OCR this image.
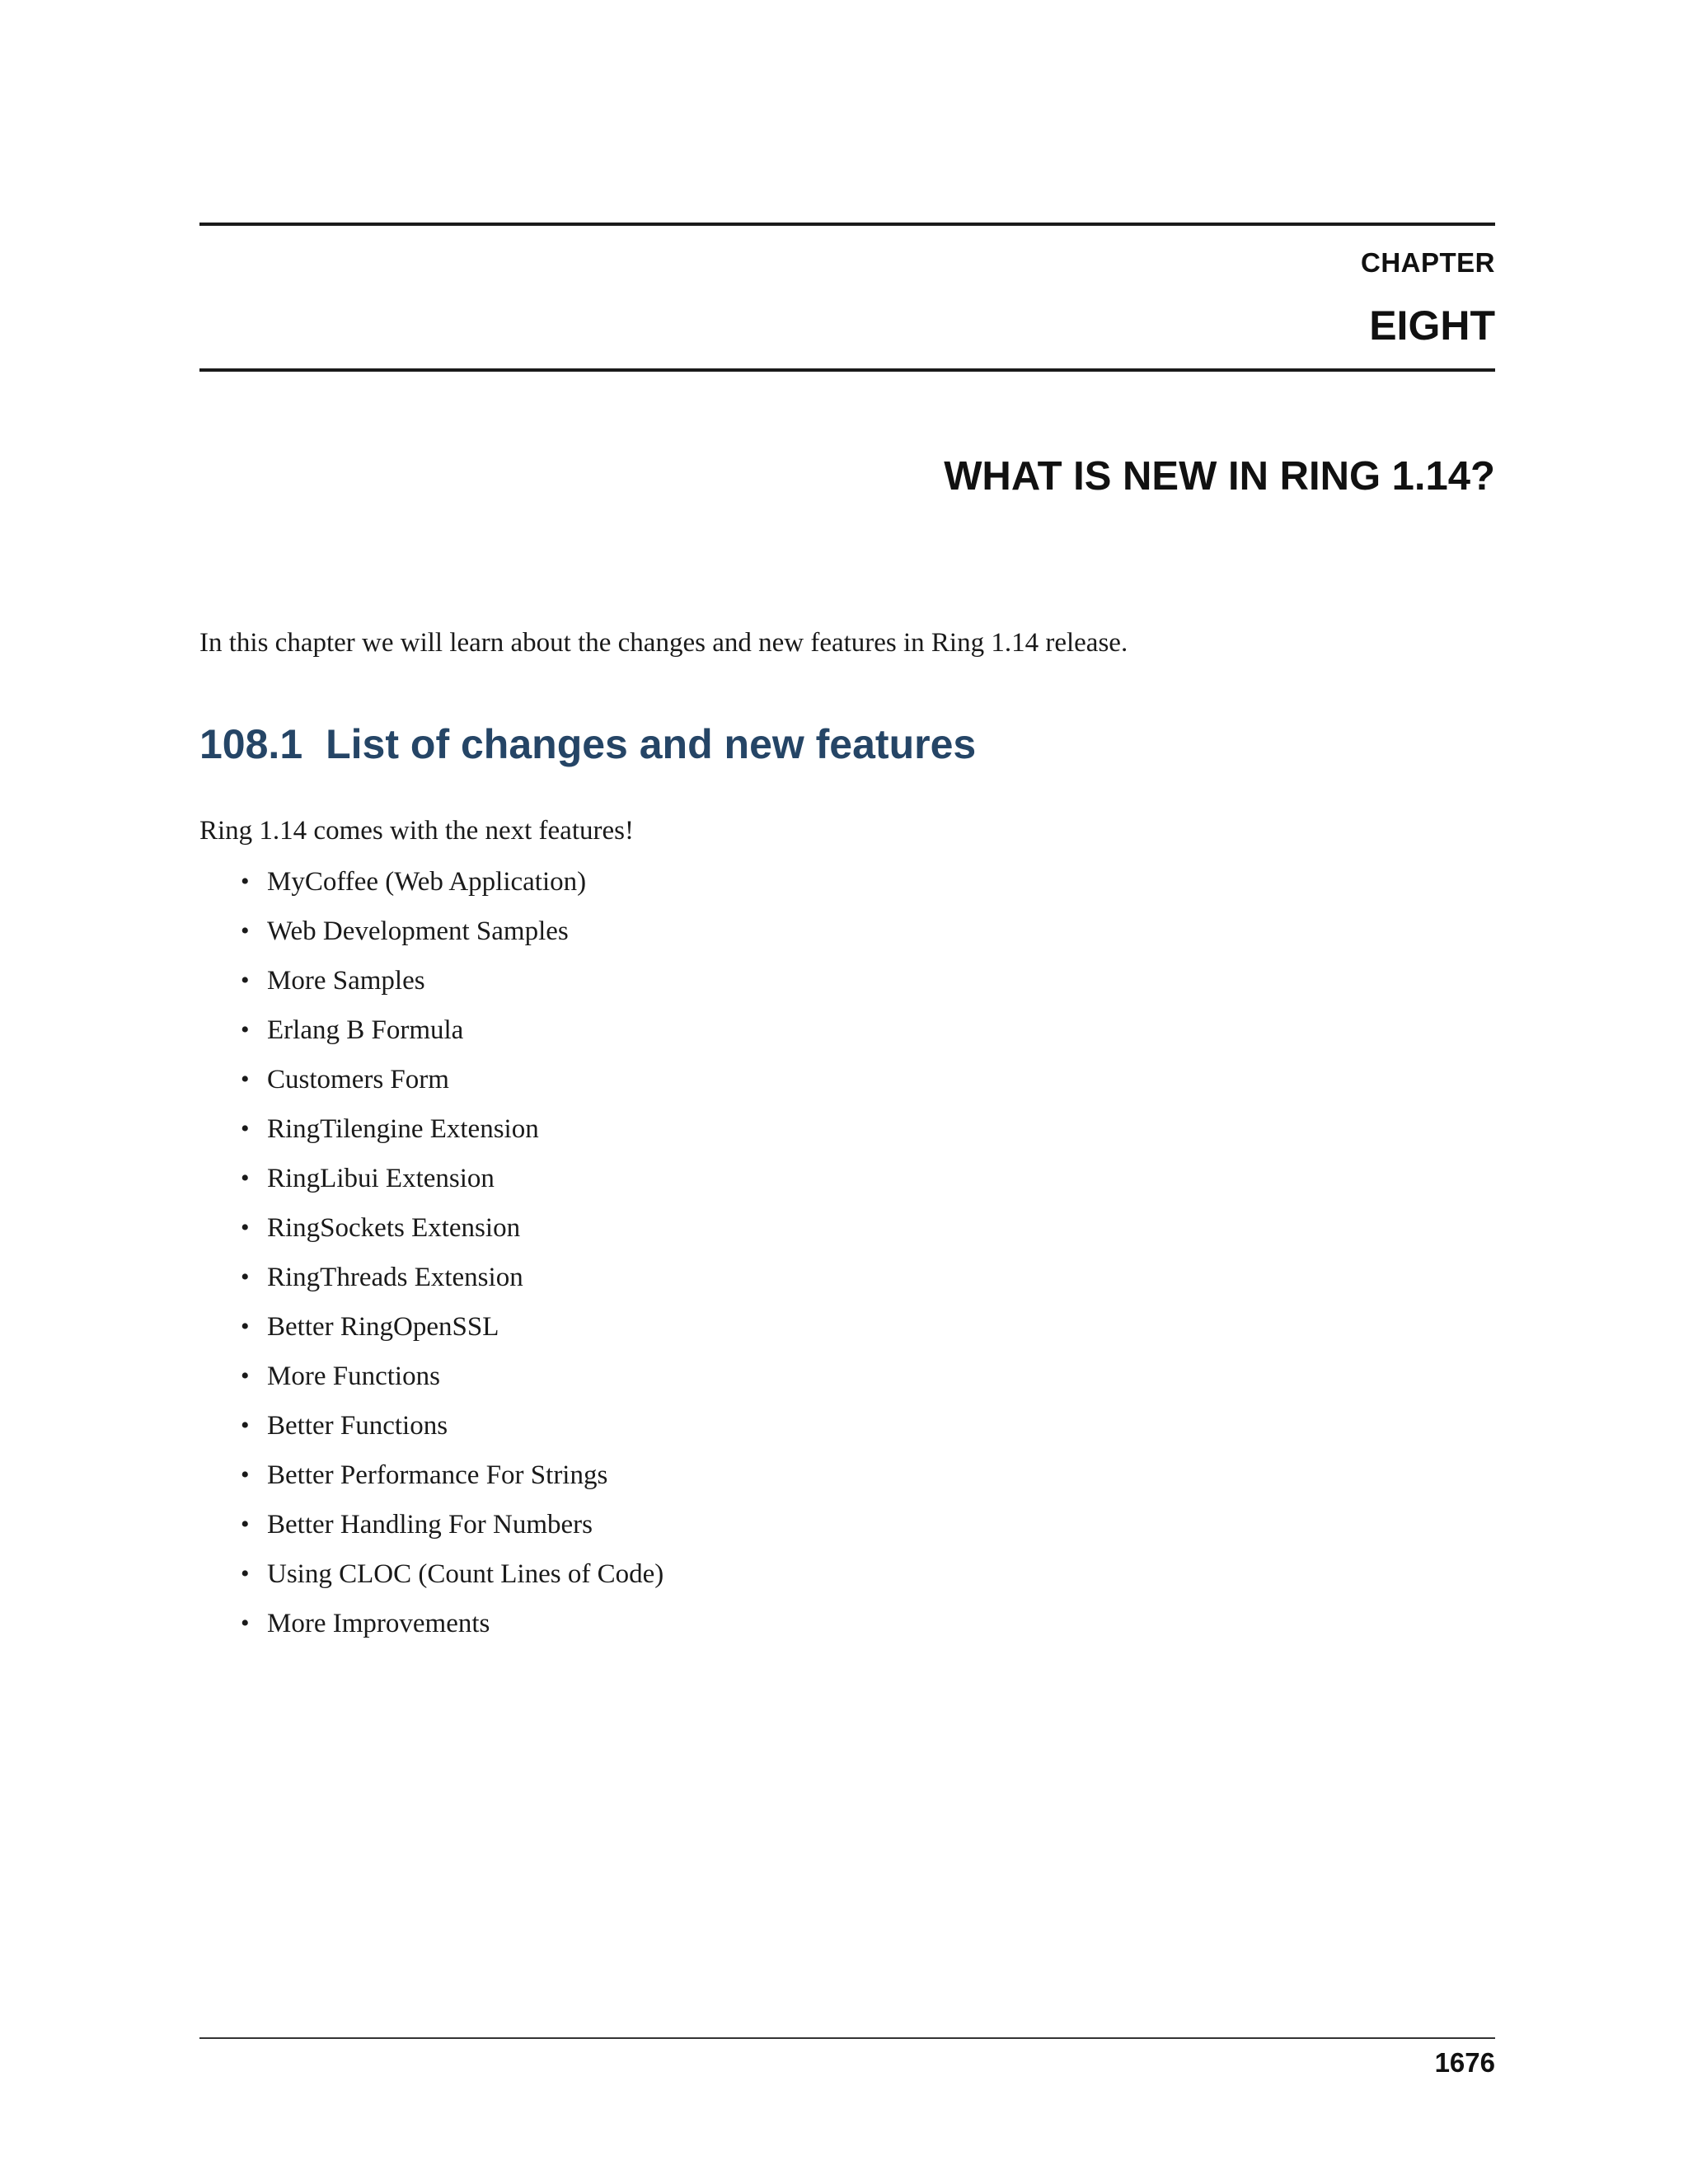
CHAPTER
EIGHT
WHAT IS NEW IN RING 1.14?

In this chapter we will learn about the changes and new features in Ring 1.14 release.

108.1 List of changes and new features

Ring 1.14 comes with the next features!

• MyCoffee (Web Application)
• Web Development Samples
• More Samples
• Erlang B Formula
• Customers Form
• RingTilengine Extension
• RingLibui Extension
• RingSockets Extension
• RingThreads Extension
• Better RingOpenSSL
• More Functions
• Better Functions
• Better Performance For Strings
• Better Handling For Numbers
• Using CLOC (Count Lines of Code)
• More Improvements
1676
